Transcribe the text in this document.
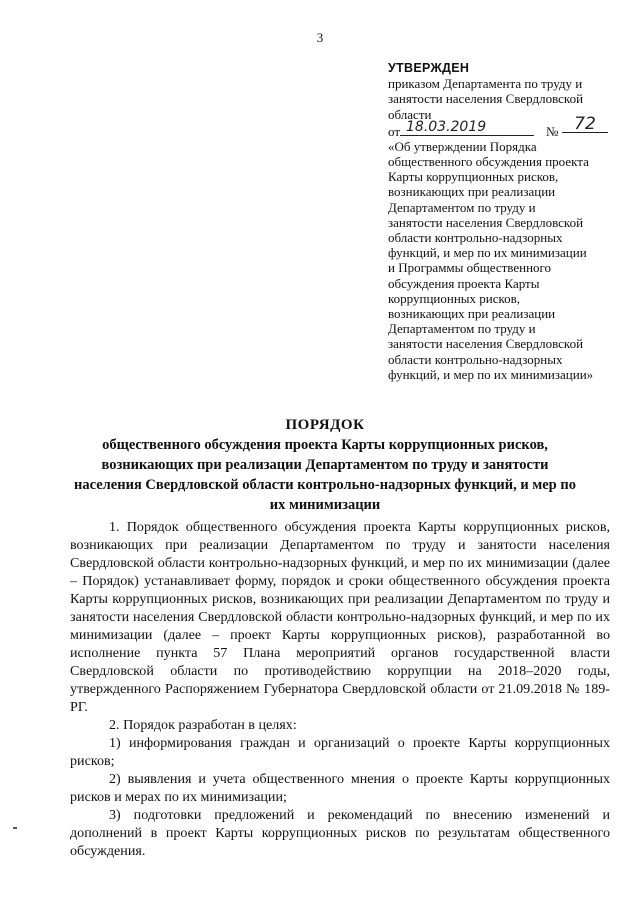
3
УТВЕРЖДЕН
приказом Департамента по труду и
занятости населения Свердловской
области
от 18.03.2019	№ 72
«Об утверждении Порядка
общественного обсуждения проекта
Карты коррупционных рисков,
возникающих при реализации
Департаментом по труду и
занятости населения Свердловской
области контрольно-надзорных
функций, и мер по их минимизации
и Программы общественного
обсуждения проекта Карты
коррупционных рисков,
возникающих при реализации
Департаментом по труду и
занятости населения Свердловской
области контрольно-надзорных
функций, и мер по их минимизации»
ПОРЯДОК
общественного обсуждения проекта Карты коррупционных рисков,
возникающих при реализации Департаментом по труду и занятости
населения Свердловской области контрольно-надзорных функций, и мер по
их минимизации

1. Порядок общественного обсуждения проекта Карты коррупционных рисков, возникающих при реализации Департаментом по труду и занятости населения Свердловской области контрольно-надзорных функций, и мер по их минимизации (далее – Порядок) устанавливает форму, порядок и сроки общественного обсуждения проекта Карты коррупционных рисков, возникающих при реализации Департаментом по труду и занятости населения Свердловской области контрольно-надзорных функций, и мер по их минимизации (далее – проект Карты коррупционных рисков), разработанной во исполнение пункта 57 Плана мероприятий органов государственной власти Свердловской области по противодействию коррупции на 2018–2020 годы, утвержденного Распоряжением Губернатора Свердловской области от 21.09.2018 № 189-РГ.

2. Порядок разработан в целях:

1) информирования граждан и организаций о проекте Карты коррупционных рисков;

2) выявления и учета общественного мнения о проекте Карты коррупционных рисков и мерах по их минимизации;

3) подготовки предложений и рекомендаций по внесению изменений и дополнений в проект Карты коррупционных рисков по результатам общественного обсуждения.
